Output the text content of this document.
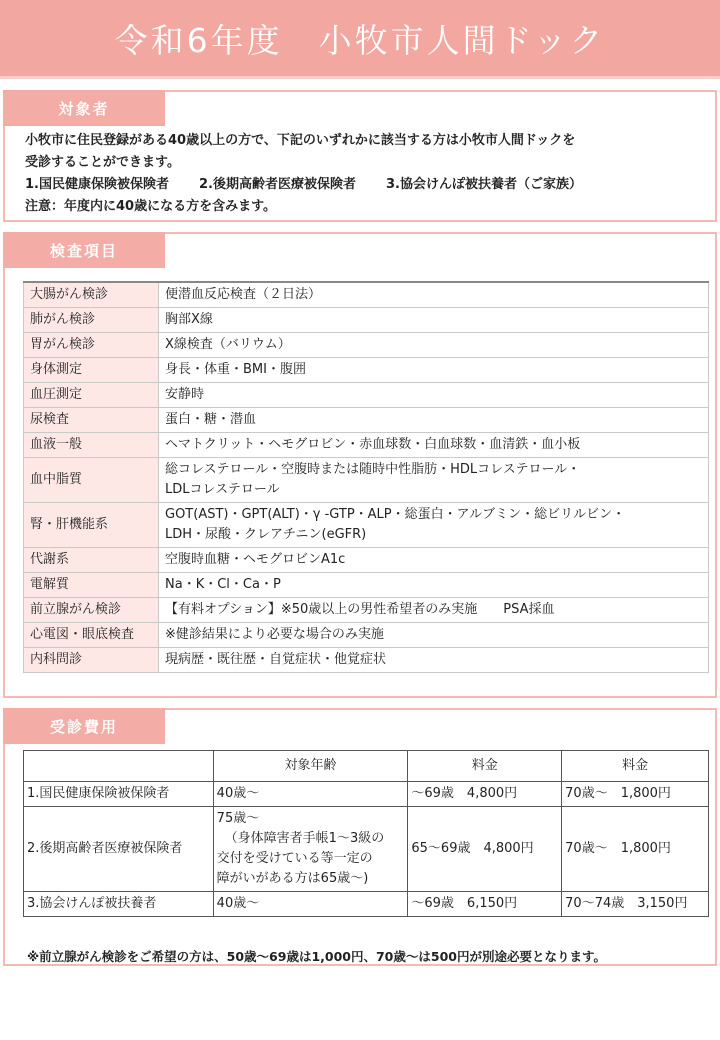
令和6年度　小牧市人間ドック
対象者
小牧市に住民登録がある40歳以上の方で、下記のいずれかに該当する方は小牧市人間ドックを
受診することができます。
1.国民健康保険被保険者 2.後期高齢者医療被保険者 3.協会けんぽ被扶養者（ご家族）
注意：年度内に40歳になる方を含みます。
検査項目
大腸がん検診	便潜血反応検査（２日法）

肺がん検診	胸部X線

胃がん検診	X線検査（バリウム）

身体測定	身長・体重・BMI・腹囲

血圧測定	安静時

尿検査	蛋白・糖・潜血

血液一般	ヘマトクリット・ヘモグロビン・赤血球数・白血球数・血清鉄・血小板

血中脂質	総コレステロール・空腹時または随時中性脂肪・HDLコレステロール・
LDLコレステロール

腎・肝機能系	GOT(AST)・GPT(ALT)・γ -GTP・ALP・総蛋白・アルブミン・総ビリルビン・
LDH・尿酸・クレアチニン(eGFR)

代謝系	空腹時血糖・ヘモグロビンA1c

電解質	Na・K・Cl・Ca・P

前立腺がん検診	【有料オプション】※50歳以上の男性希望者のみ実施　　PSA採血

心電図・眼底検査	※健診結果により必要な場合のみ実施

内科問診	現病歴・既往歴・自覚症状・他覚症状
受診費用
	対象年齢	料金	料金
1.国民健康保険被保険者	40歳～	～69歳　4,800円	70歳～　1,800円
2.後期高齢者医療被保険者	75歳～
（身体障害者手帳1～3級の
交付を受けている等一定の
障がいがある方は65歳～)	65～69歳　4,800円	70歳～　1,800円
3.協会けんぽ被扶養者	40歳～	～69歳　6,150円	70～74歳　3,150円
※前立腺がん検診をご希望の方は、50歳～69歳は1,000円、70歳～は500円が別途必要となります。
